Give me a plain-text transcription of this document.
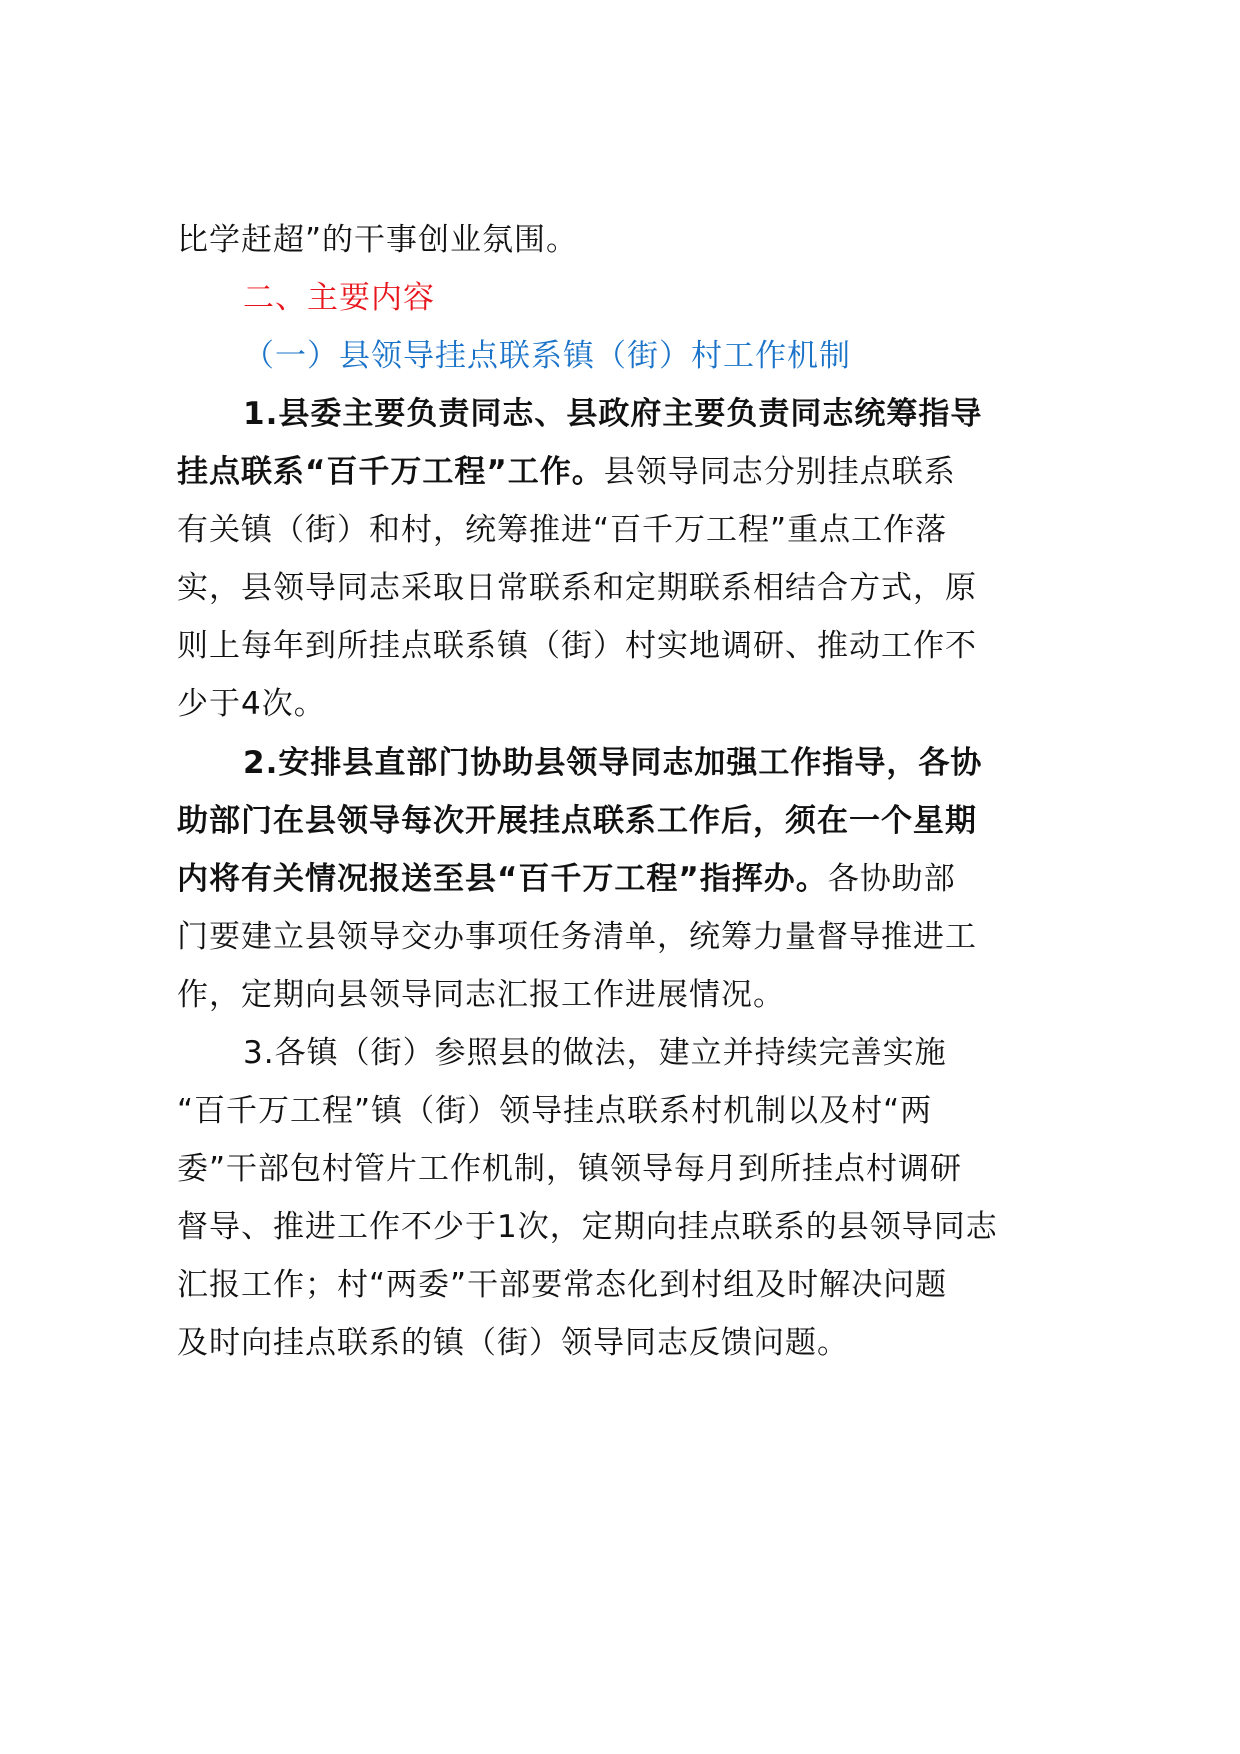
比学赶超”的干事创业氛围。
二、主要内容
（一）县领导挂点联系镇（街）村工作机制
1.县委主要负责同志、县政府主要负责同志统筹指导
挂点联系“百千万工程”工作。县领导同志分别挂点联系
有关镇（街）和村，统筹推进“百千万工程”重点工作落
实，县领导同志采取日常联系和定期联系相结合方式，原
则上每年到所挂点联系镇（街）村实地调研、推动工作不
少于4次。
2.安排县直部门协助县领导同志加强工作指导，各协
助部门在县领导每次开展挂点联系工作后，须在一个星期
内将有关情况报送至县“百千万工程”指挥办。各协助部
门要建立县领导交办事项任务清单，统筹力量督导推进工
作，定期向县领导同志汇报工作进展情况。
3.各镇（街）参照县的做法，建立并持续完善实施
“百千万工程”镇（街）领导挂点联系村机制以及村“两
委”干部包村管片工作机制，镇领导每月到所挂点村调研
督导、推进工作不少于1次，定期向挂点联系的县领导同志
汇报工作；村“两委”干部要常态化到村组及时解决问题
及时向挂点联系的镇（街）领导同志反馈问题。
